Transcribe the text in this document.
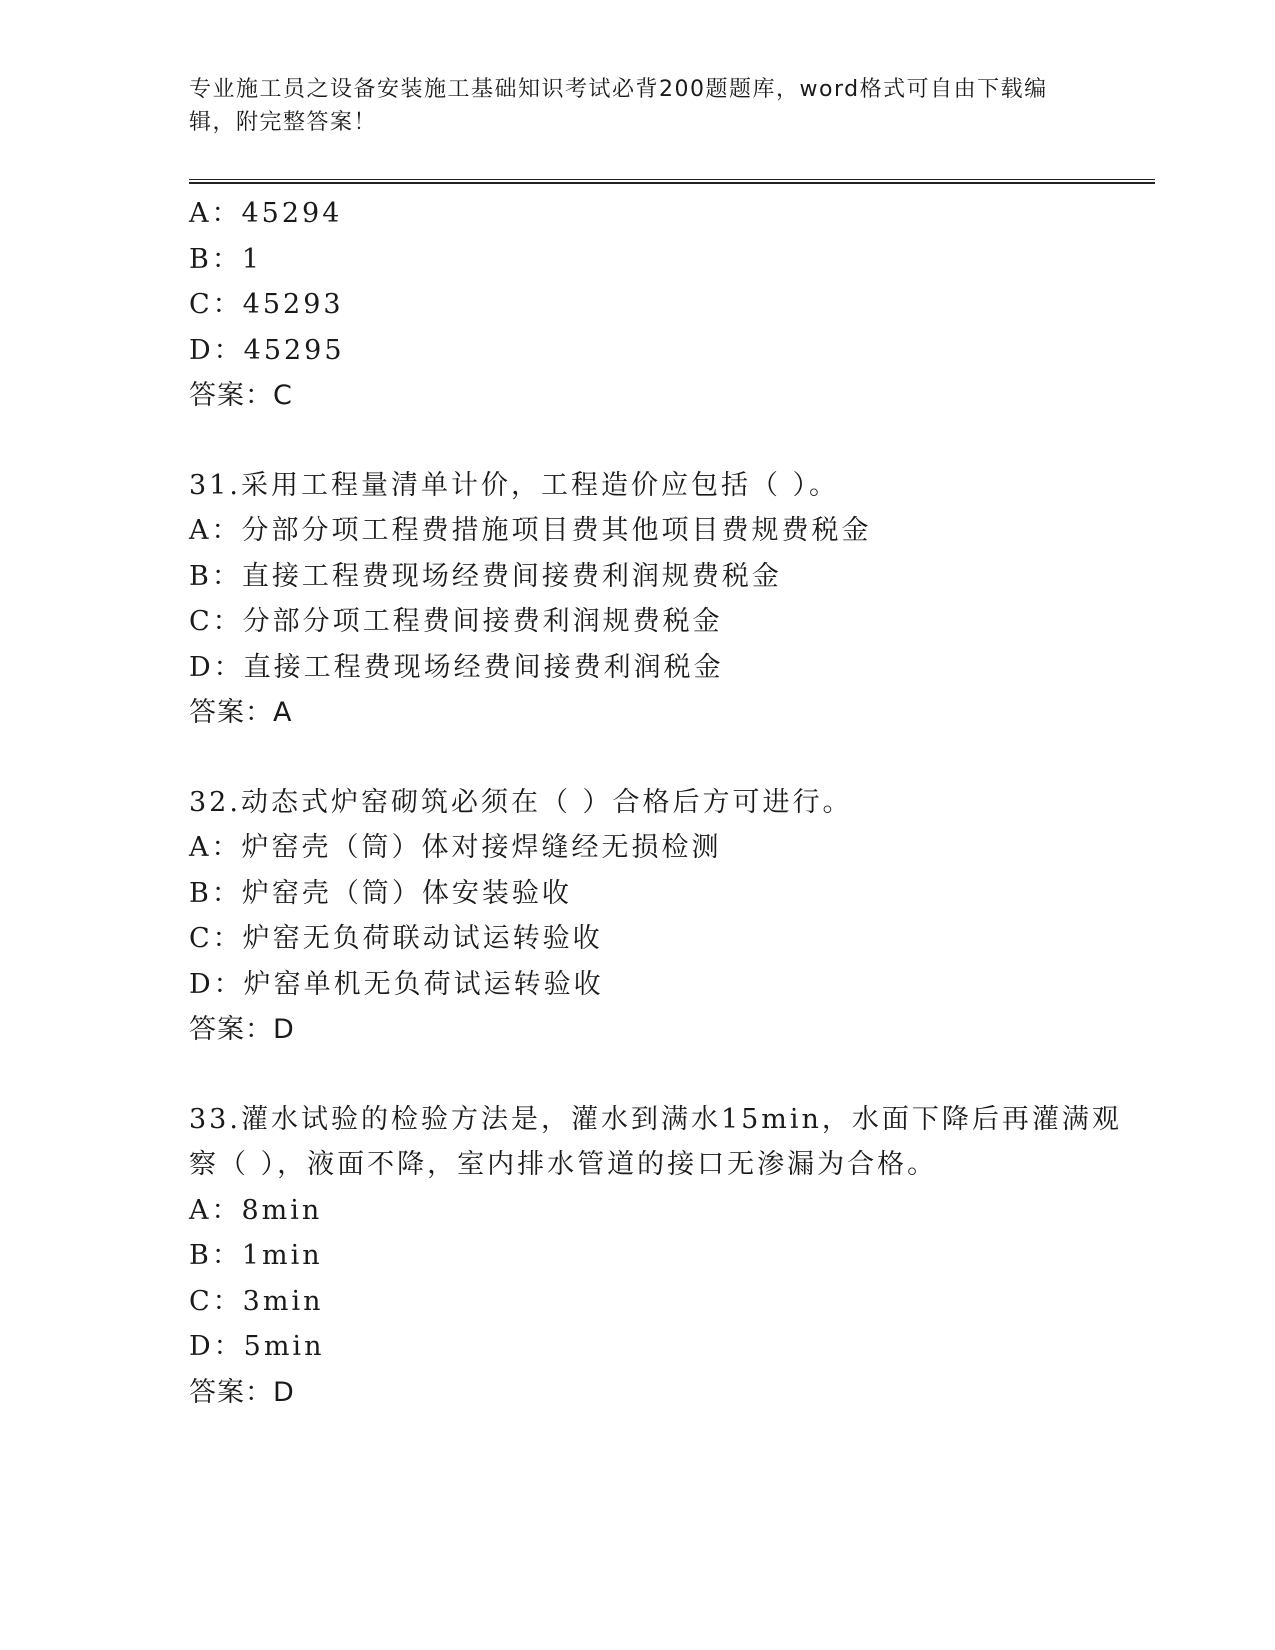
专业施工员之设备安装施工基础知识考试必背200题题库，word格式可自由下载编辑，附完整答案！
A：45294
B：1
C：45293
D：45295
答案：C
31.采用工程量清单计价，工程造价应包括（ ）。
A：分部分项工程费措施项目费其他项目费规费税金
B：直接工程费现场经费间接费利润规费税金
C：分部分项工程费间接费利润规费税金
D：直接工程费现场经费间接费利润税金
答案：A
32.动态式炉窑砌筑必须在（ ）合格后方可进行。
A：炉窑壳（筒）体对接焊缝经无损检测
B：炉窑壳（筒）体安装验收
C：炉窑无负荷联动试运转验收
D：炉窑单机无负荷试运转验收
答案：D
33.灌水试验的检验方法是，灌水到满水15min，水面下降后再灌满观察（ ），液面不降，室内排水管道的接口无渗漏为合格。
A：8min
B：1min
C：3min
D：5min
答案：D
